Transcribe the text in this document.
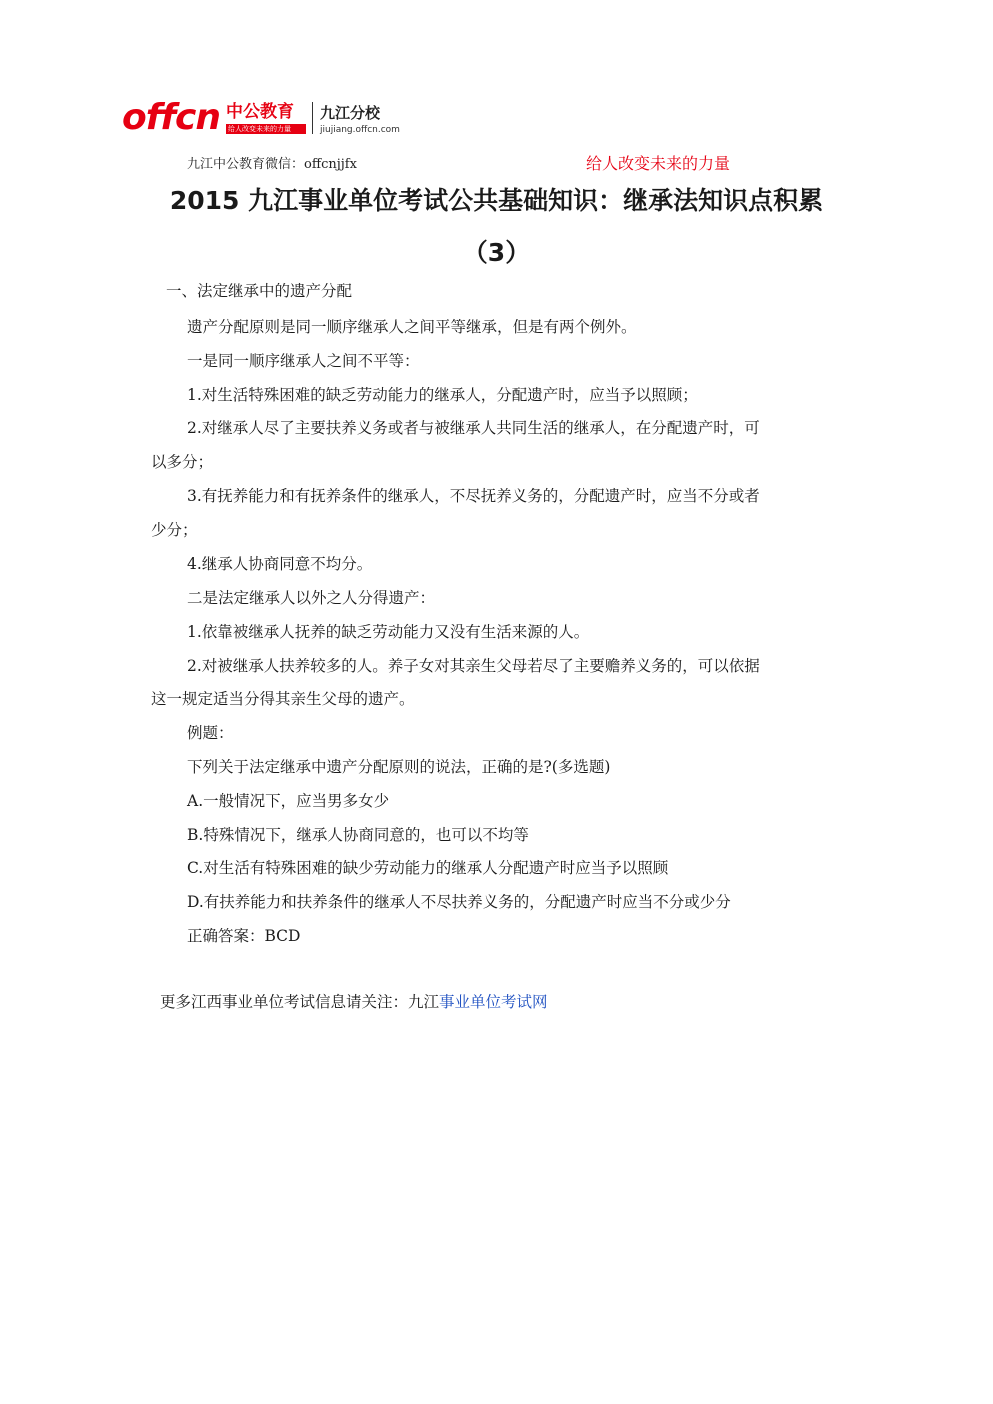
offcn 中公教育
给人改变未来的力量
九江分校
jiujiang.offcn.com
九江中公教育微信：offcnjjfx	给人改变未来的力量
2015 九江事业单位考试公共基础知识：继承法知识点积累
（3）
一、法定继承中的遗产分配
遗产分配原则是同一顺序继承人之间平等继承，但是有两个例外。
一是同一顺序继承人之间不平等：
1.对生活特殊困难的缺乏劳动能力的继承人，分配遗产时，应当予以照顾；
2.对继承人尽了主要扶养义务或者与被继承人共同生活的继承人，在分配遗产时，可
以多分；
3.有抚养能力和有抚养条件的继承人，不尽抚养义务的，分配遗产时，应当不分或者
少分；
4.继承人协商同意不均分。
二是法定继承人以外之人分得遗产：
1.依靠被继承人抚养的缺乏劳动能力又没有生活来源的人。
2.对被继承人扶养较多的人。养子女对其亲生父母若尽了主要赡养义务的，可以依据
这一规定适当分得其亲生父母的遗产。
例题：
下列关于法定继承中遗产分配原则的说法，正确的是?(多选题)
A.一般情况下，应当男多女少
B.特殊情况下，继承人协商同意的，也可以不均等
C.对生活有特殊困难的缺少劳动能力的继承人分配遗产时应当予以照顾
D.有扶养能力和扶养条件的继承人不尽扶养义务的，分配遗产时应当不分或少分
正确答案：BCD
更多江西事业单位考试信息请关注：九江事业单位考试网
